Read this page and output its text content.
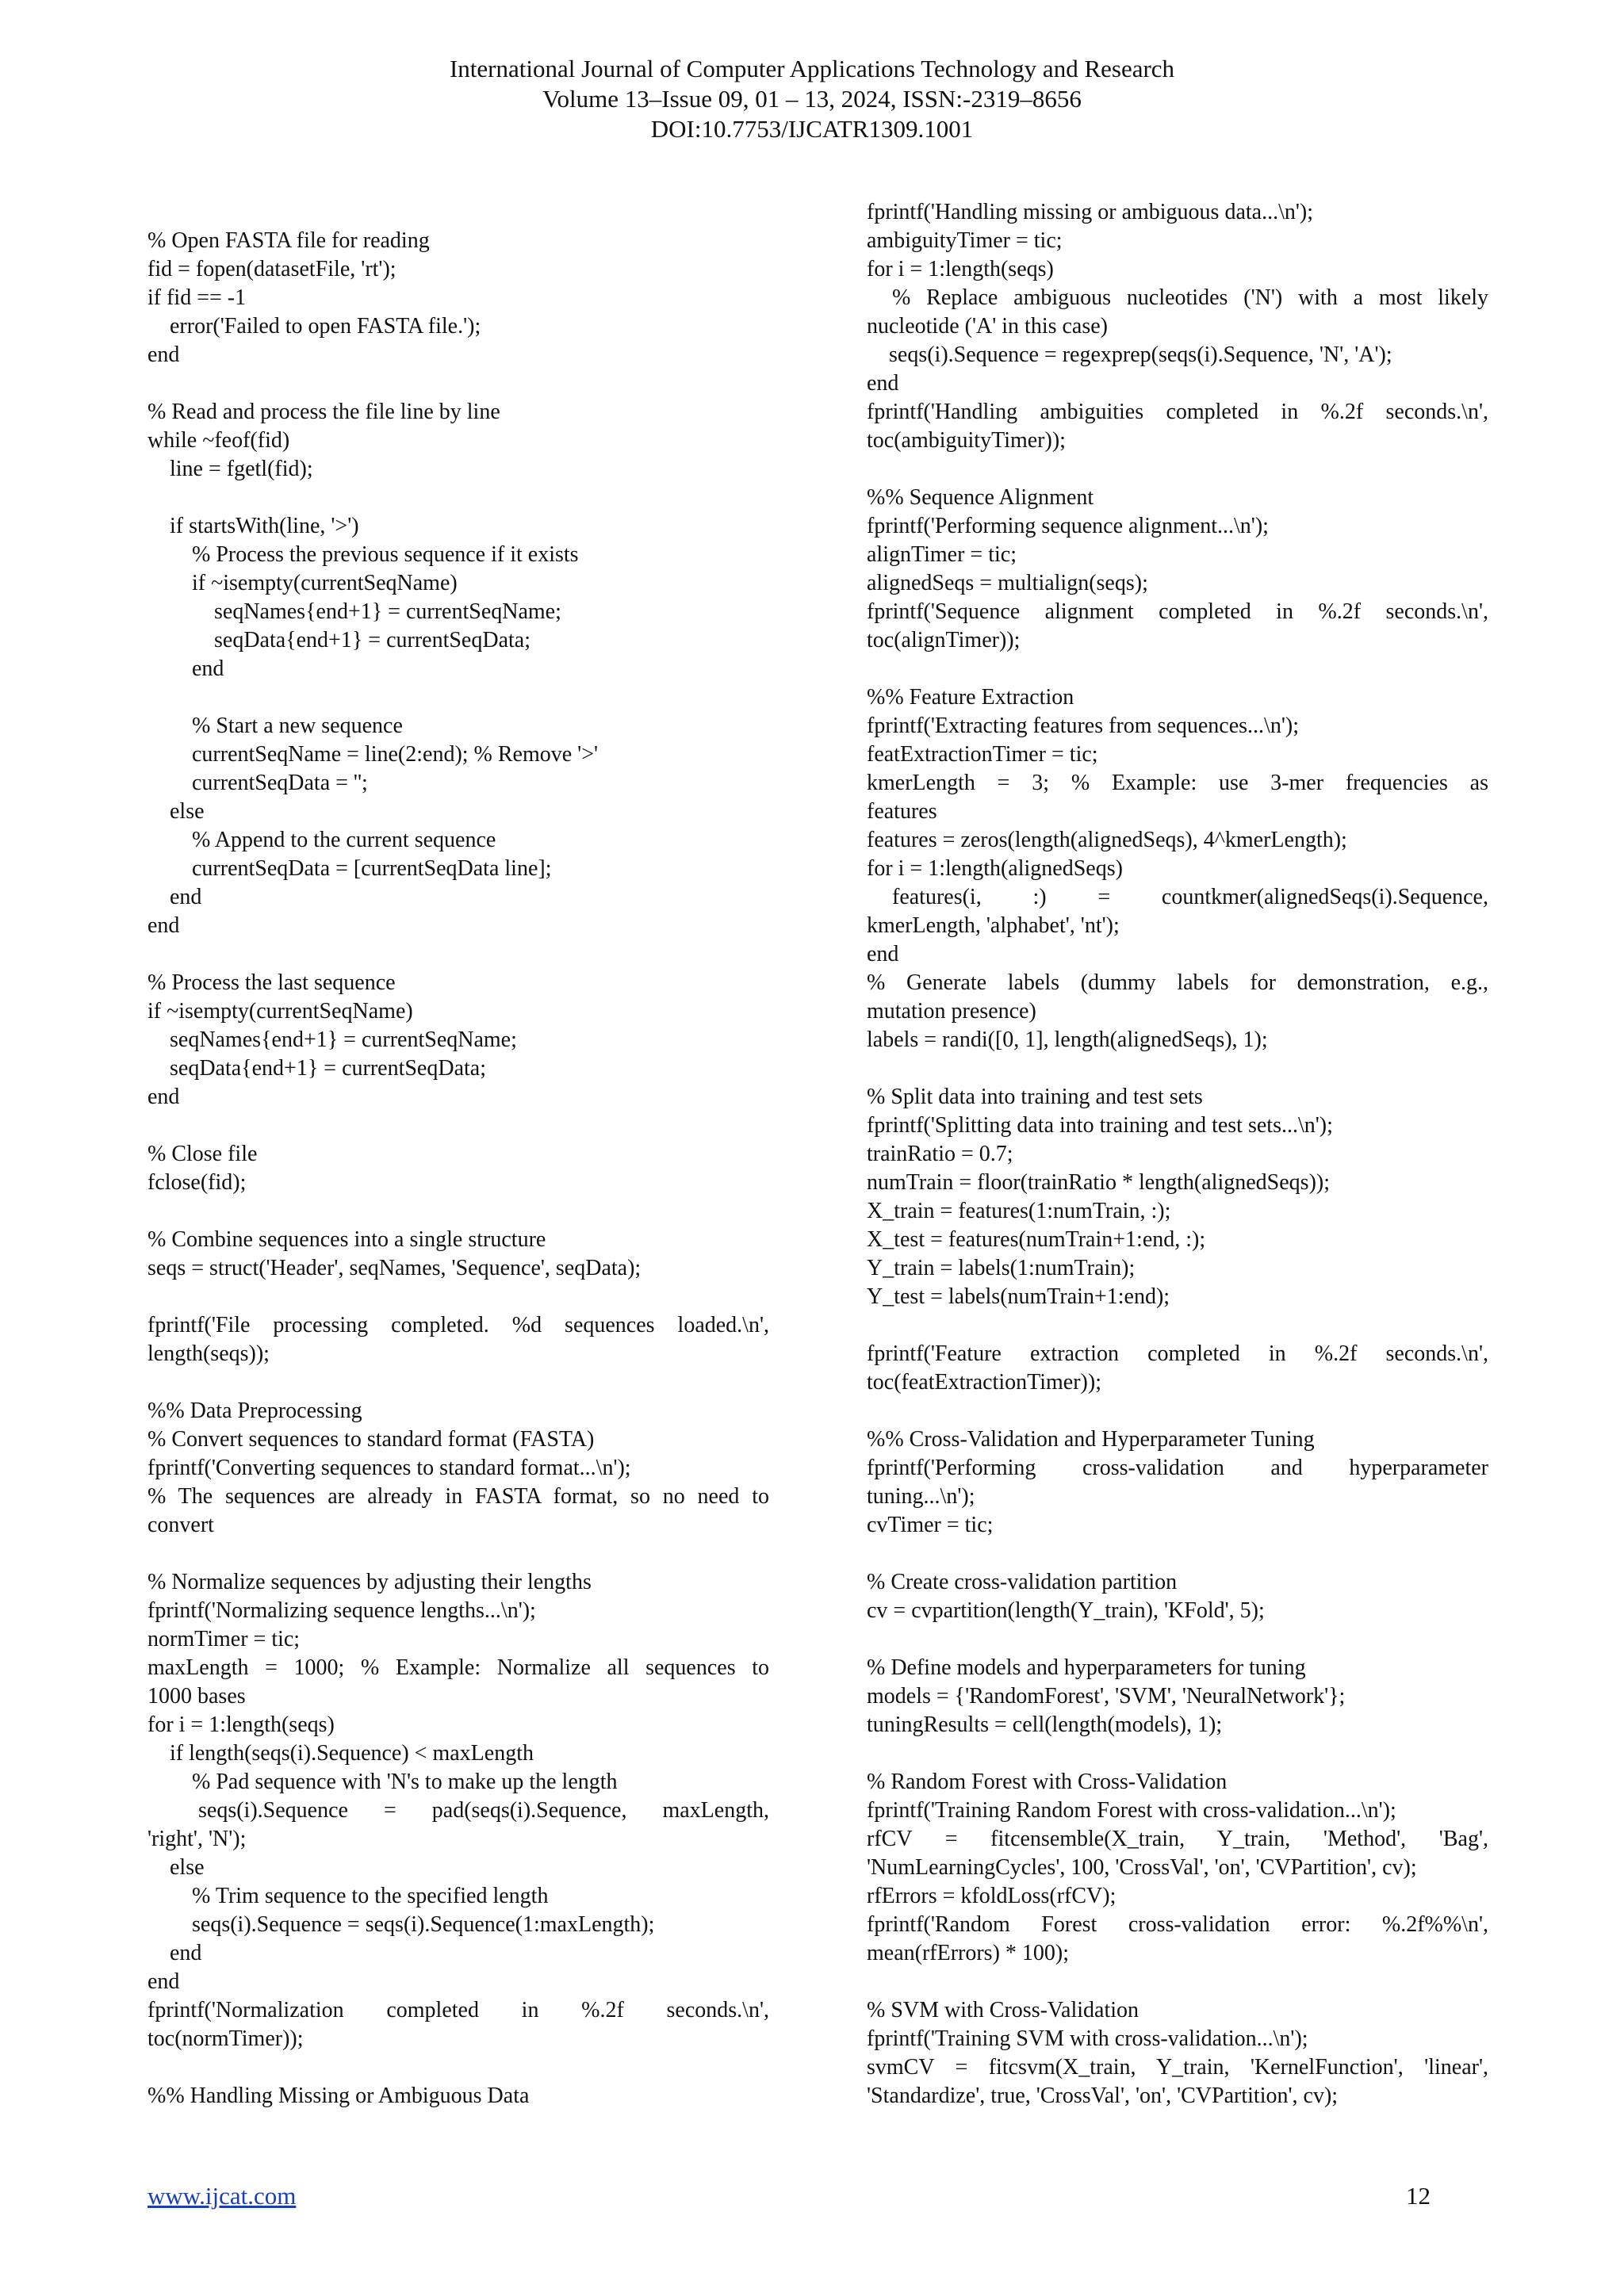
International Journal of Computer Applications Technology and Research
Volume 13–Issue 09, 01 – 13, 2024, ISSN:-2319–8656
DOI:10.7753/IJCATR1309.1001
% Open FASTA file for reading
fid = fopen(datasetFile, 'rt');
if fid == -1
error('Failed to open FASTA file.');
end
% Read and process the file line by line
while ~feof(fid)
line = fgetl(fid);
if startsWith(line, '>')
% Process the previous sequence if it exists
if ~isempty(currentSeqName)
seqNames{end+1} = currentSeqName;
seqData{end+1} = currentSeqData;
end
% Start a new sequence
currentSeqName = line(2:end); % Remove '>'
currentSeqData = '';
else
% Append to the current sequence
currentSeqData = [currentSeqData line];
end
end
% Process the last sequence
if ~isempty(currentSeqName)
seqNames{end+1} = currentSeqName;
seqData{end+1} = currentSeqData;
end
% Close file
fclose(fid);
% Combine sequences into a single structure
seqs = struct('Header', seqNames, 'Sequence', seqData);
fprintf('File processing completed. %d sequences loaded.\n',
length(seqs));
%% Data Preprocessing
% Convert sequences to standard format (FASTA)
fprintf('Converting sequences to standard format...\n');
% The sequences are already in FASTA format, so no need to
convert
% Normalize sequences by adjusting their lengths
fprintf('Normalizing sequence lengths...\n');
normTimer = tic;
maxLength = 1000; % Example: Normalize all sequences to
1000 bases
for i = 1:length(seqs)
if length(seqs(i).Sequence) < maxLength
% Pad sequence with 'N's to make up the length
seqs(i).Sequence = pad(seqs(i).Sequence, maxLength,
'right', 'N');
else
% Trim sequence to the specified length
seqs(i).Sequence = seqs(i).Sequence(1:maxLength);
end
end
fprintf('Normalization completed in %.2f seconds.\n',
toc(normTimer));
%% Handling Missing or Ambiguous Data
fprintf('Handling missing or ambiguous data...\n');
ambiguityTimer = tic;
for i = 1:length(seqs)
% Replace ambiguous nucleotides ('N') with a most likely
nucleotide ('A' in this case)
seqs(i).Sequence = regexprep(seqs(i).Sequence, 'N', 'A');
end
fprintf('Handling ambiguities completed in %.2f seconds.\n',
toc(ambiguityTimer));
%% Sequence Alignment
fprintf('Performing sequence alignment...\n');
alignTimer = tic;
alignedSeqs = multialign(seqs);
fprintf('Sequence alignment completed in %.2f seconds.\n',
toc(alignTimer));
%% Feature Extraction
fprintf('Extracting features from sequences...\n');
featExtractionTimer = tic;
kmerLength = 3; % Example: use 3-mer frequencies as
features
features = zeros(length(alignedSeqs), 4^kmerLength);
for i = 1:length(alignedSeqs)
features(i, :) = countkmer(alignedSeqs(i).Sequence,
kmerLength, 'alphabet', 'nt');
end
% Generate labels (dummy labels for demonstration, e.g.,
mutation presence)
labels = randi([0, 1], length(alignedSeqs), 1);
% Split data into training and test sets
fprintf('Splitting data into training and test sets...\n');
trainRatio = 0.7;
numTrain = floor(trainRatio * length(alignedSeqs));
X_train = features(1:numTrain, :);
X_test = features(numTrain+1:end, :);
Y_train = labels(1:numTrain);
Y_test = labels(numTrain+1:end);
fprintf('Feature extraction completed in %.2f seconds.\n',
toc(featExtractionTimer));
%% Cross-Validation and Hyperparameter Tuning
fprintf('Performing cross-validation and hyperparameter
tuning...\n');
cvTimer = tic;
% Create cross-validation partition
cv = cvpartition(length(Y_train), 'KFold', 5);
% Define models and hyperparameters for tuning
models = {'RandomForest', 'SVM', 'NeuralNetwork'};
tuningResults = cell(length(models), 1);
% Random Forest with Cross-Validation
fprintf('Training Random Forest with cross-validation...\n');
rfCV = fitcensemble(X_train, Y_train, 'Method', 'Bag',
'NumLearningCycles', 100, 'CrossVal', 'on', 'CVPartition', cv);
rfErrors = kfoldLoss(rfCV);
fprintf('Random Forest cross-validation error: %.2f%%\n',
mean(rfErrors) * 100);
% SVM with Cross-Validation
fprintf('Training SVM with cross-validation...\n');
svmCV = fitcsvm(X_train, Y_train, 'KernelFunction', 'linear',
'Standardize', true, 'CrossVal', 'on', 'CVPartition', cv);
www.ijcat.com	12
